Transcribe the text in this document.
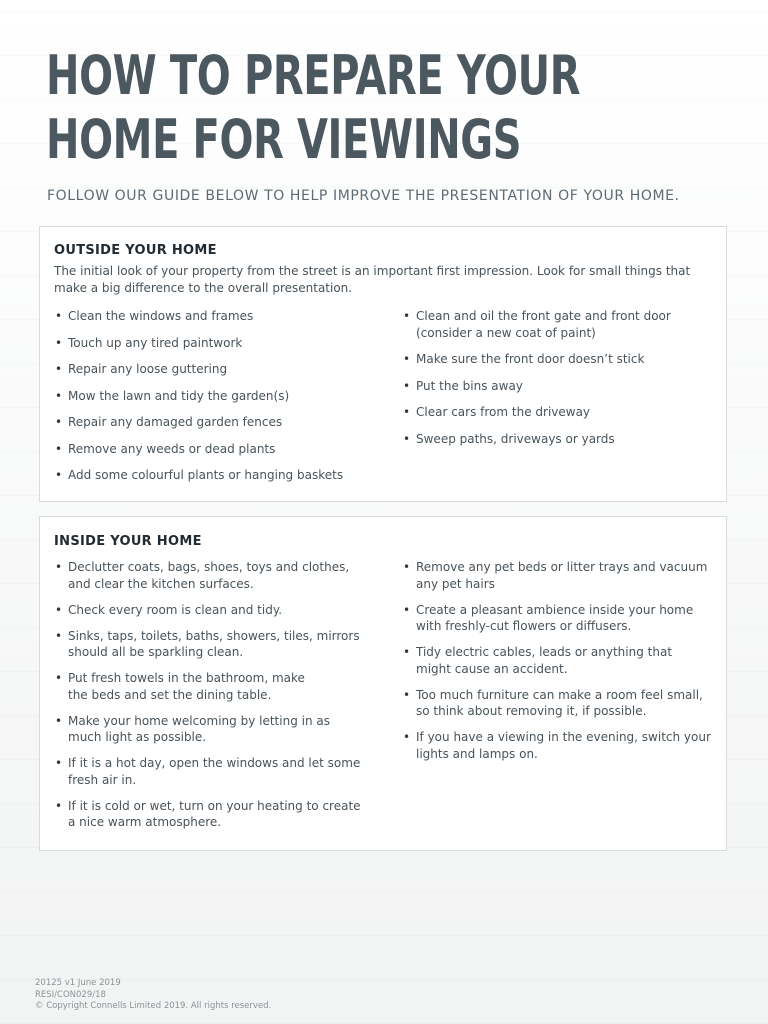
HOW TO PREPARE YOUR
HOME FOR VIEWINGS
FOLLOW OUR GUIDE BELOW TO HELP IMPROVE THE PRESENTATION OF YOUR HOME.
OUTSIDE YOUR HOME

The initial look of your property from the street is an important first impression. Look for small things that make a big difference to the overall presentation.

• Clean the windows and frames
• Touch up any tired paintwork
• Repair any loose guttering
• Mow the lawn and tidy the garden(s)
• Repair any damaged garden fences
• Remove any weeds or dead plants
• Add some colourful plants or hanging baskets
• Clean and oil the front gate and front door
(consider a new coat of paint)
• Make sure the front door doesn’t stick
• Put the bins away
• Clear cars from the driveway
• Sweep paths, driveways or yards
INSIDE YOUR HOME
• Declutter coats, bags, shoes, toys and clothes,
and clear the kitchen surfaces.
• Check every room is clean and tidy.
• Sinks, taps, toilets, baths, showers, tiles, mirrors
should all be sparkling clean.
• Put fresh towels in the bathroom, make
the beds and set the dining table.
• Make your home welcoming by letting in as
much light as possible.
• If it is a hot day, open the windows and let some
fresh air in.
• If it is cold or wet, turn on your heating to create
a nice warm atmosphere.
• Remove any pet beds or litter trays and vacuum
any pet hairs
• Create a pleasant ambience inside your home
with freshly-cut flowers or diffusers.
• Tidy electric cables, leads or anything that
might cause an accident.
• Too much furniture can make a room feel small,
so think about removing it, if possible.
• If you have a viewing in the evening, switch your
lights and lamps on.
20125 v1 June 2019
RESI/CON029/18
© Copyright Connells Limited 2019. All rights reserved.
